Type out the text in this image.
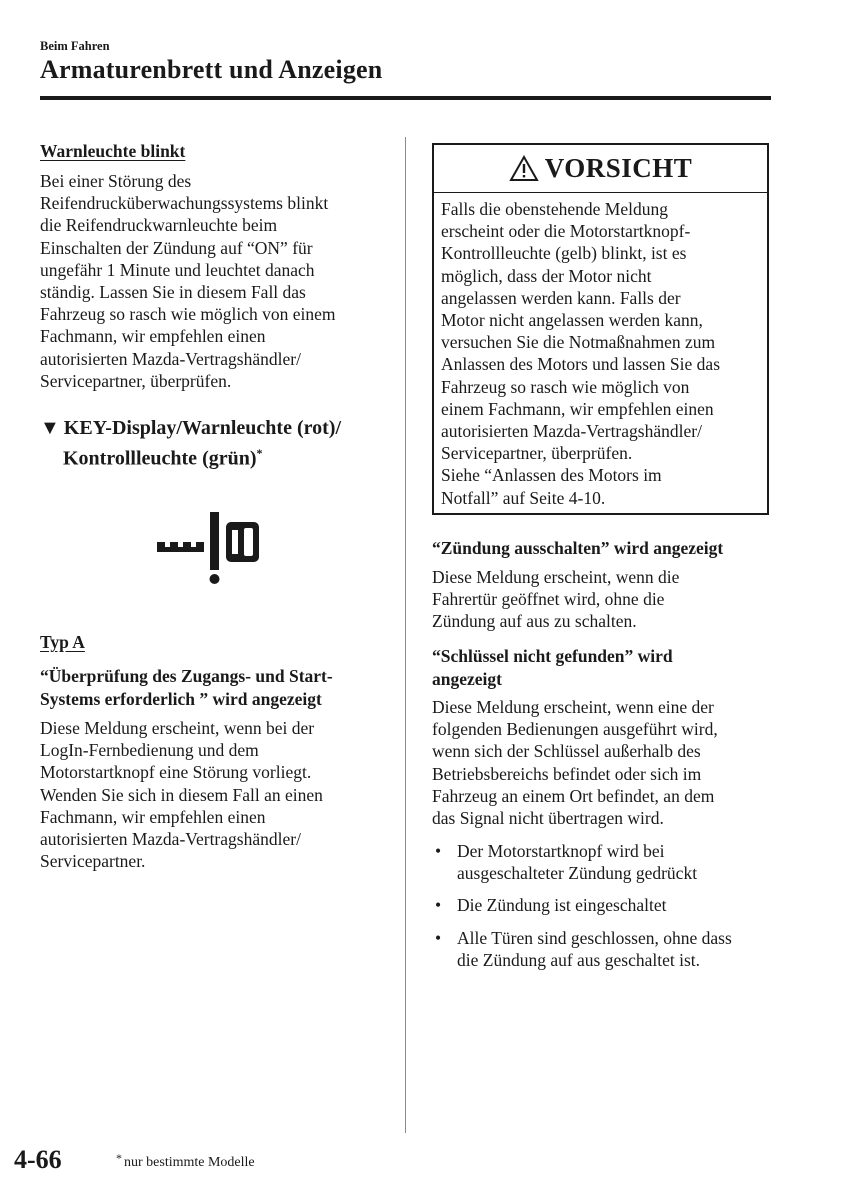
Beim Fahren
Armaturenbrett und Anzeigen
Warnleuchte blinkt
Bei einer Störung des
Reifendrucküberwachungssystems blinkt
die Reifendruckwarnleuchte beim
Einschalten der Zündung auf “ON” für
ungefähr 1 Minute und leuchtet danach
ständig. Lassen Sie in diesem Fall das
Fahrzeug so rasch wie möglich von einem
Fachmann, wir empfehlen einen
autorisierten Mazda-Vertragshändler/
Servicepartner, überprüfen.
▼ KEY-Display/Warnleuchte (rot)/
Kontrollleuchte (grün)*
Typ A
“Überprüfung des Zugangs- und Start-
Systems erforderlich ” wird angezeigt
Diese Meldung erscheint, wenn bei der
LogIn-Fernbedienung und dem
Motorstartknopf eine Störung vorliegt.
Wenden Sie sich in diesem Fall an einen
Fachmann, wir empfehlen einen
autorisierten Mazda-Vertragshändler/
Servicepartner.
VORSICHT
Falls die obenstehende Meldung
erscheint oder die Motorstartknopf-
Kontrollleuchte (gelb) blinkt, ist es
möglich, dass der Motor nicht
angelassen werden kann. Falls der
Motor nicht angelassen werden kann,
versuchen Sie die Notmaßnahmen zum
Anlassen des Motors und lassen Sie das
Fahrzeug so rasch wie möglich von
einem Fachmann, wir empfehlen einen
autorisierten Mazda-Vertragshändler/
Servicepartner, überprüfen.
Siehe “Anlassen des Motors im
Notfall” auf Seite 4-10.
“Zündung ausschalten” wird angezeigt
Diese Meldung erscheint, wenn die
Fahrertür geöffnet wird, ohne die
Zündung auf aus zu schalten.
“Schlüssel nicht gefunden” wird
angezeigt
Diese Meldung erscheint, wenn eine der
folgenden Bedienungen ausgeführt wird,
wenn sich der Schlüssel außerhalb des
Betriebsbereichs befindet oder sich im
Fahrzeug an einem Ort befindet, an dem
das Signal nicht übertragen wird.
• Der Motorstartknopf wird bei
ausgeschalteter Zündung gedrückt
• Die Zündung ist eingeschaltet
• Alle Türen sind geschlossen, ohne dass
die Zündung auf aus geschaltet ist.
4-66	* nur bestimmte Modelle
